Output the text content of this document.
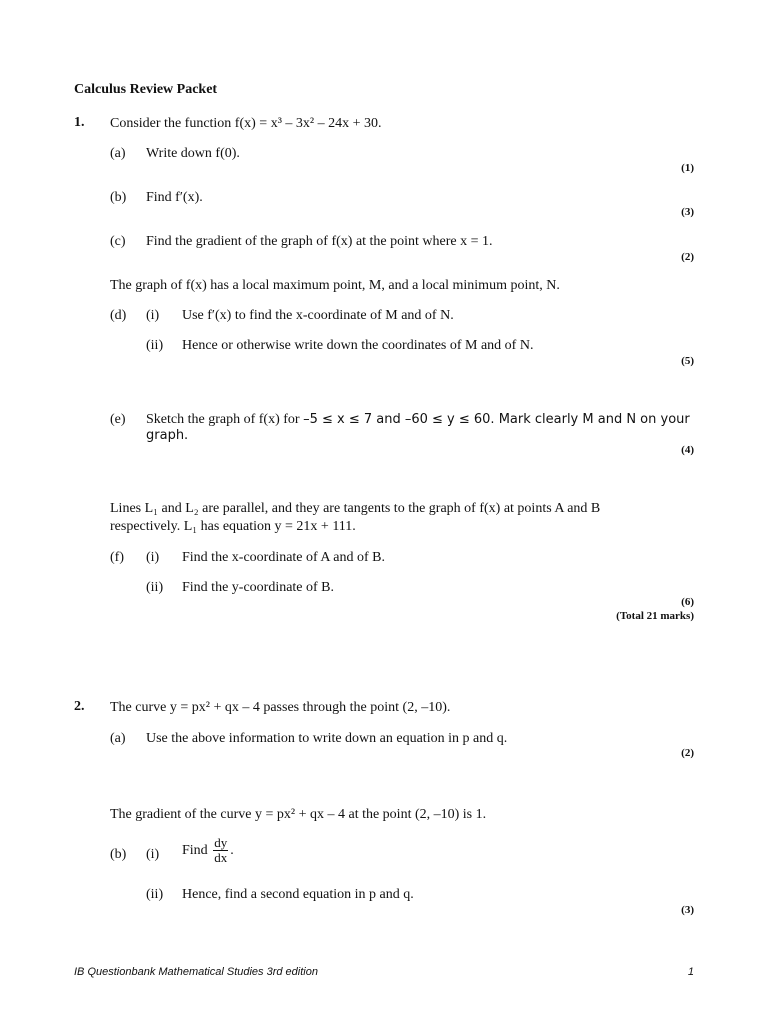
Calculus Review Packet
1. Consider the function f(x) = x³ – 3x² – 24x + 30.
(a) Write down f(0).
(1)
(b) Find f′(x).
(3)
(c) Find the gradient of the graph of f(x) at the point where x = 1.
(2)
The graph of f(x) has a local maximum point, M, and a local minimum point, N.
(d) (i) Use f′(x) to find the x-coordinate of M and of N.
(ii) Hence or otherwise write down the coordinates of M and of N.
(5)
(e) Sketch the graph of f(x) for –5 ≤ x ≤ 7 and –60 ≤ y ≤ 60. Mark clearly M and N on your
graph.
(4)
Lines L₁ and L₂ are parallel, and they are tangents to the graph of f(x) at points A and B
respectively. L₁ has equation y = 21x + 111.
(f) (i) Find the x-coordinate of A and of B.
(ii) Find the y-coordinate of B.
(6)
(Total 21 marks)
2. The curve y = px² + qx – 4 passes through the point (2, –10).
(a) Use the above information to write down an equation in p and q.
(2)
The gradient of the curve y = px² + qx – 4 at the point (2, –10) is 1.
(b) (i) Find $\frac{dy}{dx}$ .
(ii) Hence, find a second equation in p and q.
(3)
IB Questionbank Mathematical Studies 3rd edition	1
